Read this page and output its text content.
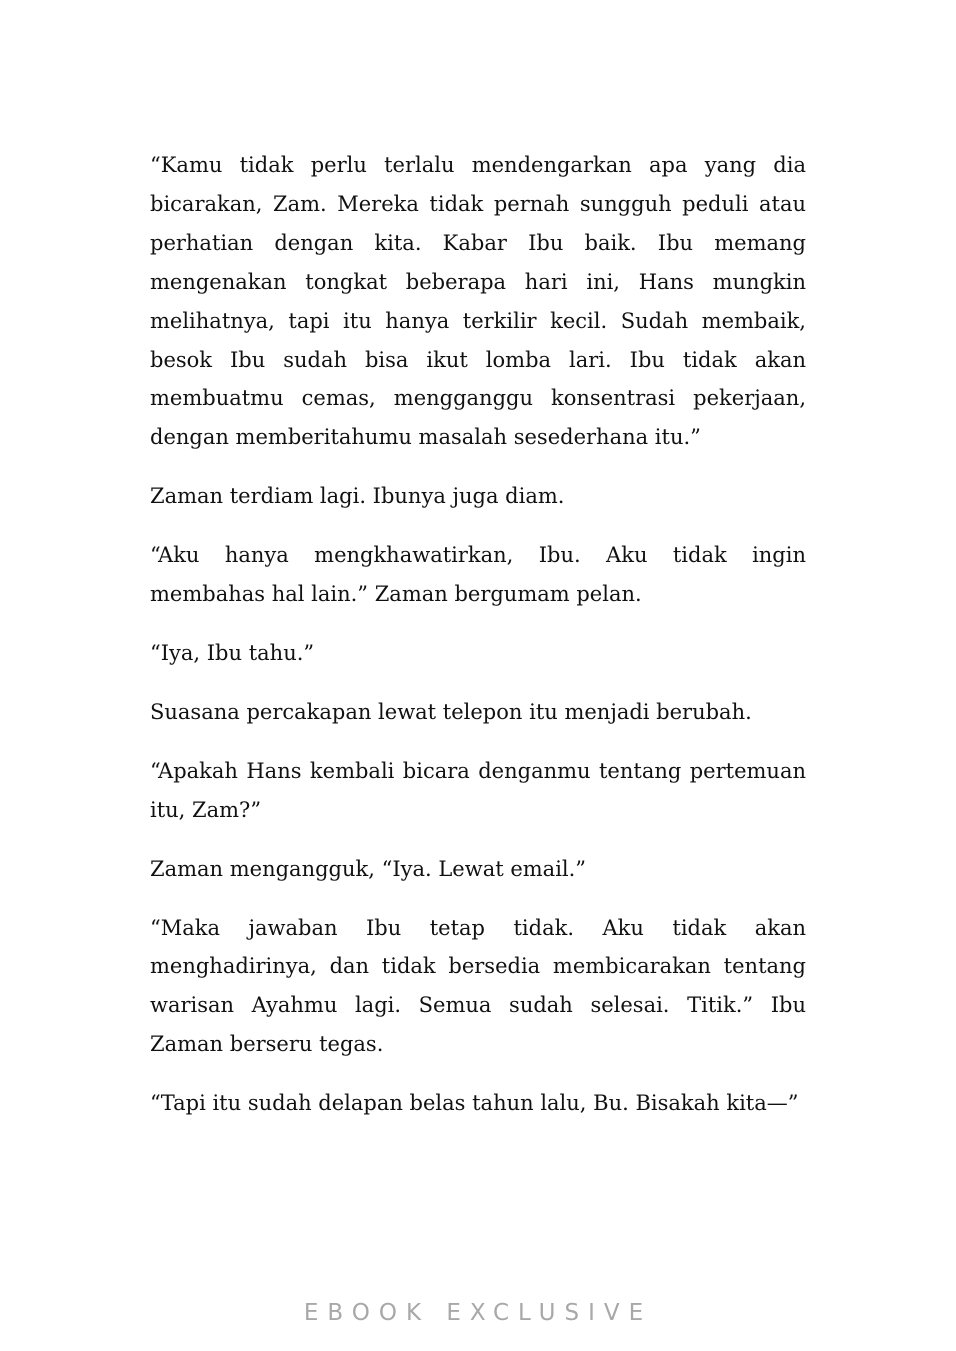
“Kamu tidak perlu terlalu mendengarkan apa yang dia bicarakan, Zam. Mereka tidak pernah sungguh peduli atau perhatian dengan kita. Kabar Ibu baik. Ibu memang mengenakan tongkat beberapa hari ini, Hans mungkin melihatnya, tapi itu hanya terkilir kecil. Sudah membaik, besok Ibu sudah bisa ikut lomba lari. Ibu tidak akan membuatmu cemas, mengganggu konsentrasi pekerjaan, dengan memberitahumu masalah sesederhana itu.”

Zaman terdiam lagi. Ibunya juga diam.

“Aku hanya mengkhawatirkan, Ibu. Aku tidak ingin membahas hal lain.” Zaman bergumam pelan.

“Iya, Ibu tahu.”

Suasana percakapan lewat telepon itu menjadi berubah.

“Apakah Hans kembali bicara denganmu tentang pertemuan itu, Zam?”

Zaman mengangguk, “Iya. Lewat email.”

“Maka jawaban Ibu tetap tidak. Aku tidak akan menghadirinya, dan tidak bersedia membicarakan tentang warisan Ayahmu lagi. Semua sudah selesai. Titik.” Ibu Zaman berseru tegas.

“Tapi itu sudah delapan belas tahun lalu, Bu. Bisakah kita—”

EBOOK EXCLUSIVE
